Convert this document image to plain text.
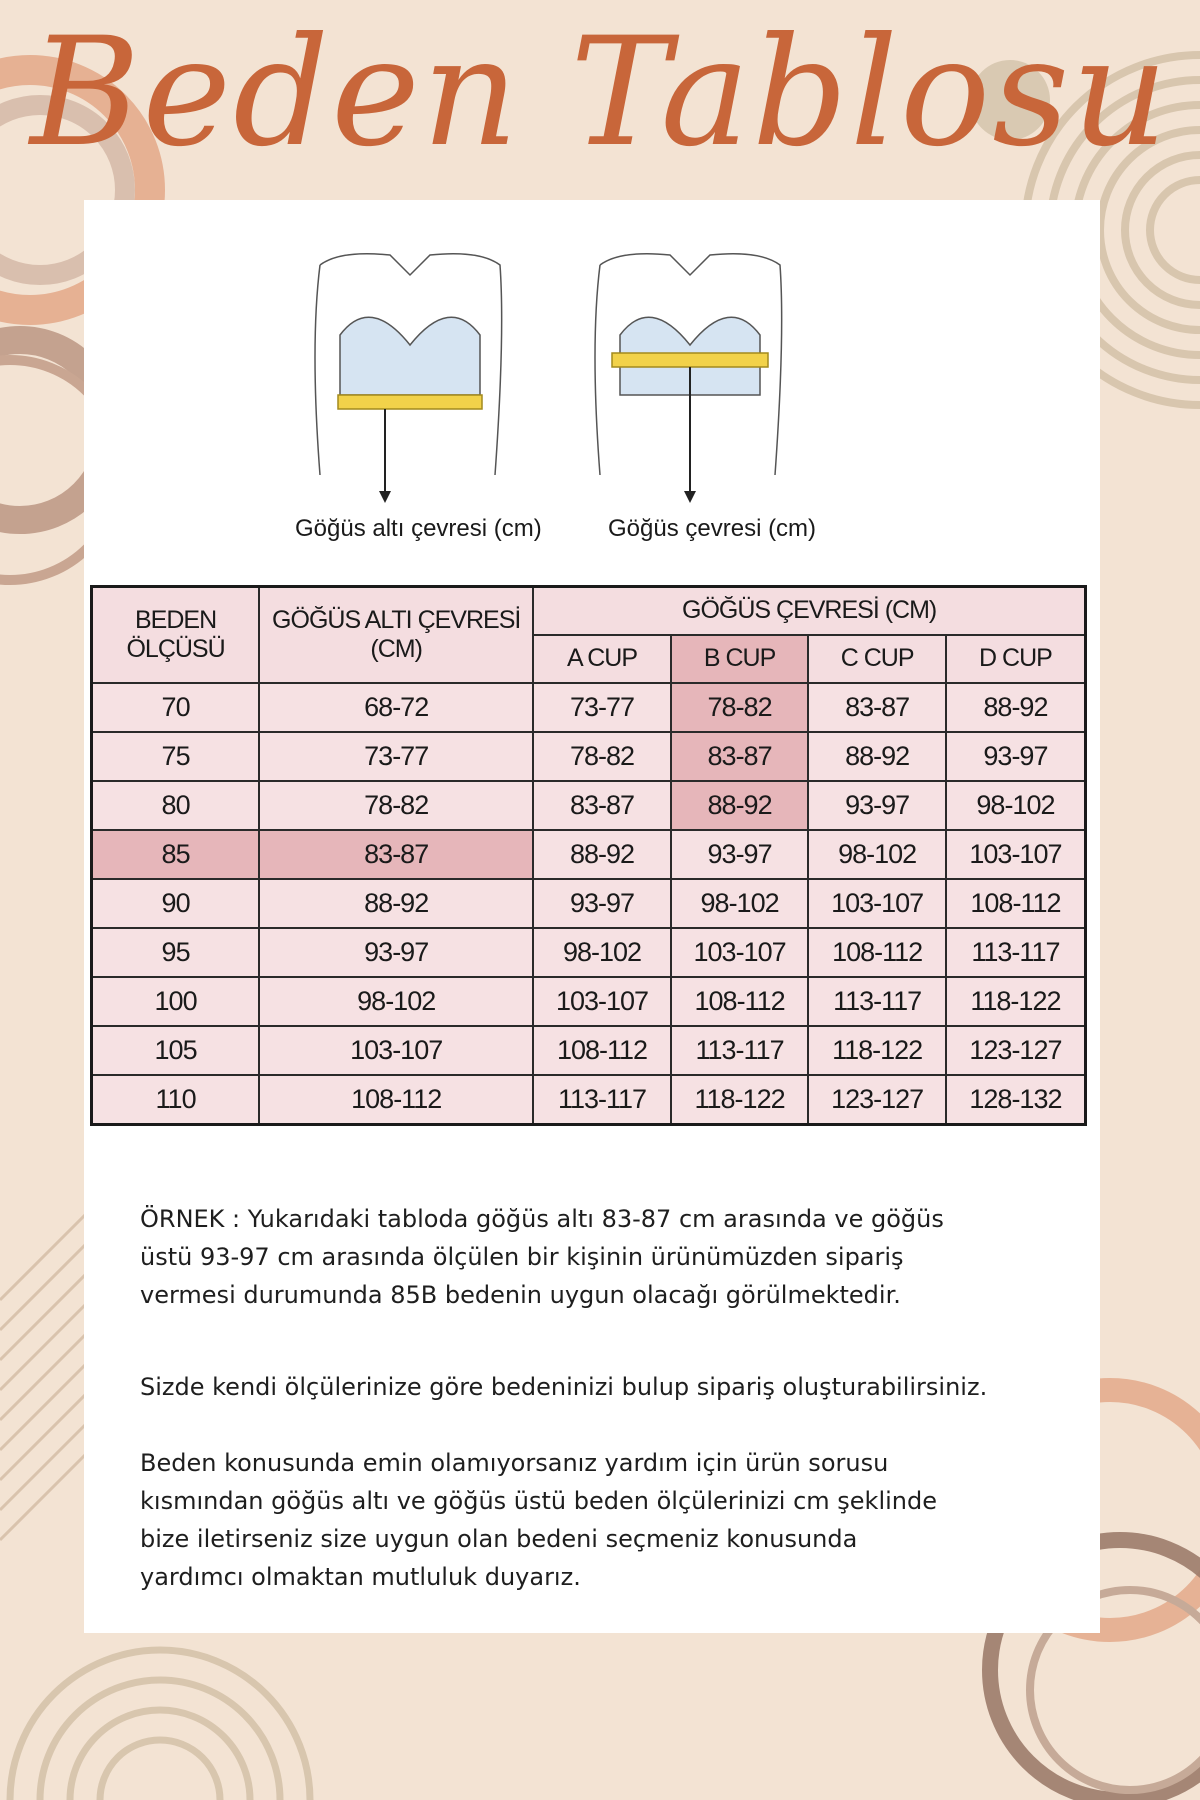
Beden Tablosu
Göğüs altı çevresi (cm)	Göğüs çevresi (cm)
BEDEN ÖLÇÜSÜ	GÖĞÜS ALTI ÇEVRESİ (CM)	GÖĞÜS ÇEVRESİ (CM)			
		A CUP	B CUP	C CUP	D CUP
70	68-72	73-77	78-82	83-87	88-92
75	73-77	78-82	83-87	88-92	93-97
80	78-82	83-87	88-92	93-97	98-102
85	83-87	88-92	93-97	98-102	103-107
90	88-92	93-97	98-102	103-107	108-112
95	93-97	98-102	103-107	108-112	113-117
100	98-102	103-107	108-112	113-117	118-122
105	103-107	108-112	113-117	118-122	123-127
110	108-112	113-117	118-122	123-127	128-132
ÖRNEK : Yukarıdaki tabloda göğüs altı 83-87 cm arasında ve göğüs
üstü 93-97 cm arasında ölçülen bir kişinin ürünümüzden sipariş
vermesi durumunda 85B bedenin uygun olacağı görülmektedir.
Sizde kendi ölçülerinize göre bedeninizi bulup sipariş oluşturabilirsiniz.
Beden konusunda emin olamıyorsanız yardım için ürün sorusu
kısmından göğüs altı ve göğüs üstü beden ölçülerinizi cm şeklinde
bize iletirseniz size uygun olan bedeni seçmeniz konusunda
yardımcı olmaktan mutluluk duyarız.
